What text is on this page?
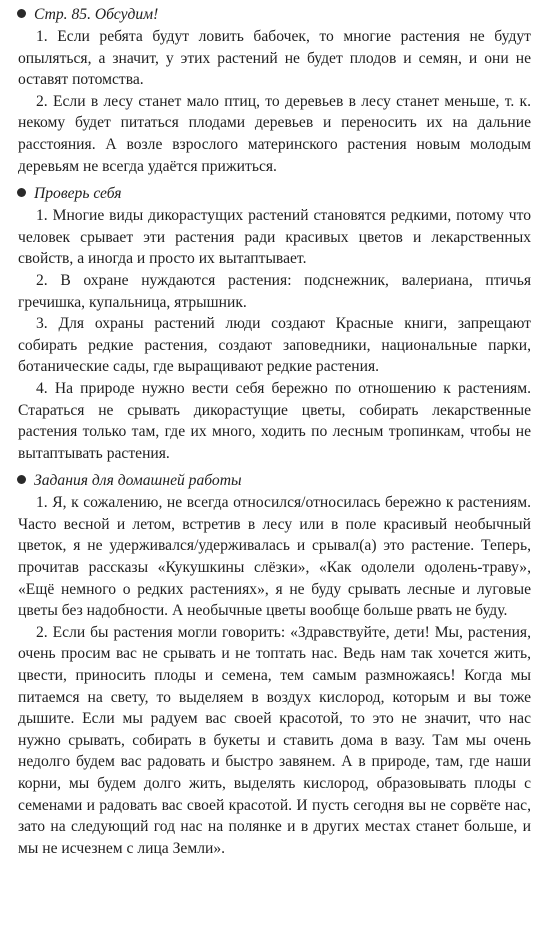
Стр. 85. Обсудим!

1. Если ребята будут ловить бабочек, то многие растения не будут опыляться, а значит, у этих растений не будет плодов и семян, и они не оставят потомства.

2. Если в лесу станет мало птиц, то деревьев в лесу станет меньше, т. к. некому будет питаться плодами деревьев и переносить их на дальние расстояния. А возле взрослого материнского растения новым молодым деревьям не всегда удаётся прижиться.

Проверь себя

1. Многие виды дикорастущих растений становятся редкими, потому что человек срывает эти растения ради красивых цветов и лекарственных свойств, а иногда и просто их вытаптывает.

2. В охране нуждаются растения: подснежник, валериана, птичья гречишка, купальница, ятрышник.

3. Для охраны растений люди создают Красные книги, запрещают собирать редкие растения, создают заповедники, национальные парки, ботанические сады, где выращивают редкие растения.

4. На природе нужно вести себя бережно по отношению к растениям. Стараться не срывать дикорастущие цветы, собирать лекарственные растения только там, где их много, ходить по лесным тропинкам, чтобы не вытаптывать растения.

Задания для домашней работы

1. Я, к сожалению, не всегда относился/относилась бережно к растениям. Часто весной и летом, встретив в лесу или в поле красивый необычный цветок, я не удерживался/удерживалась и срывал(а) это растение. Теперь, прочитав рассказы «Кукушкины слёзки», «Как одолели одолень-траву», «Ещё немного о редких растениях», я не буду срывать лесные и луговые цветы без надобности. А необычные цветы вообще больше рвать не буду.

2. Если бы растения могли говорить: «Здравствуйте, дети! Мы, растения, очень просим вас не срывать и не топтать нас. Ведь нам так хочется жить, цвести, приносить плоды и семена, тем самым размножаясь! Когда мы питаемся на свету, то выделяем в воздух кислород, которым и вы тоже дышите. Если мы радуем вас своей красотой, то это не значит, что нас нужно срывать, собирать в букеты и ставить дома в вазу. Там мы очень недолго будем вас радовать и быстро завянем. А в природе, там, где наши корни, мы будем долго жить, выделять кислород, образовывать плоды с семенами и радовать вас своей красотой. И пусть сегодня вы не сорвёте нас, зато на следующий год нас на полянке и в других местах станет больше, и мы не исчезнем с лица Земли».
